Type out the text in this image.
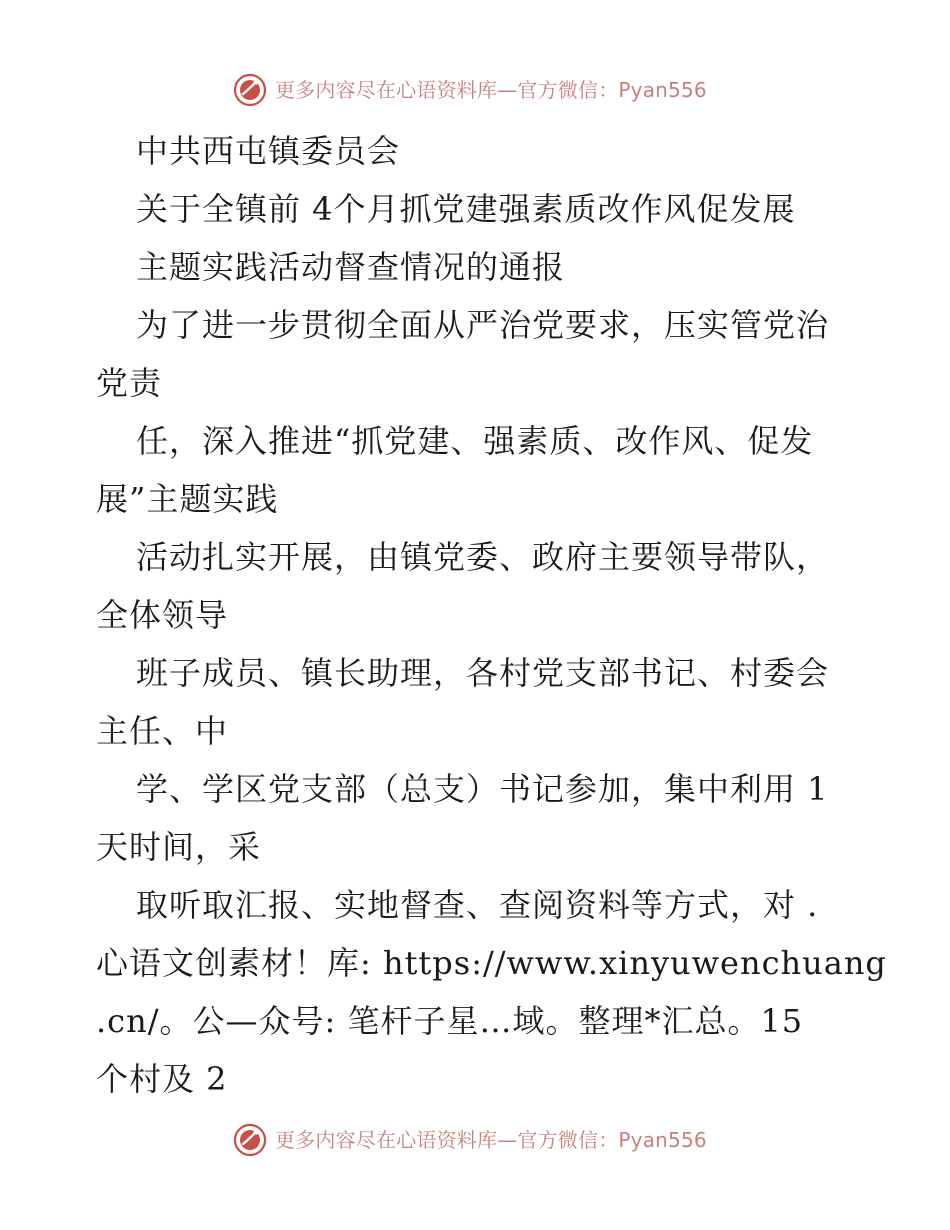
更多内容尽在心语资料库—官方微信：Pyan556
中共西屯镇委员会
关于全镇前 4个月抓党建强素质改作风促发展
主题实践活动督查情况的通报
为了进一步贯彻全面从严治党要求，压实管党治
党责
任，深入推进“抓党建、强素质、改作风、促发
展”主题实践
活动扎实开展，由镇党委、政府主要领导带队，
全体领导
班子成员、镇长助理，各村党支部书记、村委会
主任、中
学、学区党支部（总支）书记参加，集中利用 1
天时间，采
取听取汇报、实地督查、查阅资料等方式，对 .
心语文创素材！库: https://www.xinyuwenchuang
.cn/。公—众号: 笔杆子星…域。整理*汇总。15
个村及 2
更多内容尽在心语资料库—官方微信：Pyan556
